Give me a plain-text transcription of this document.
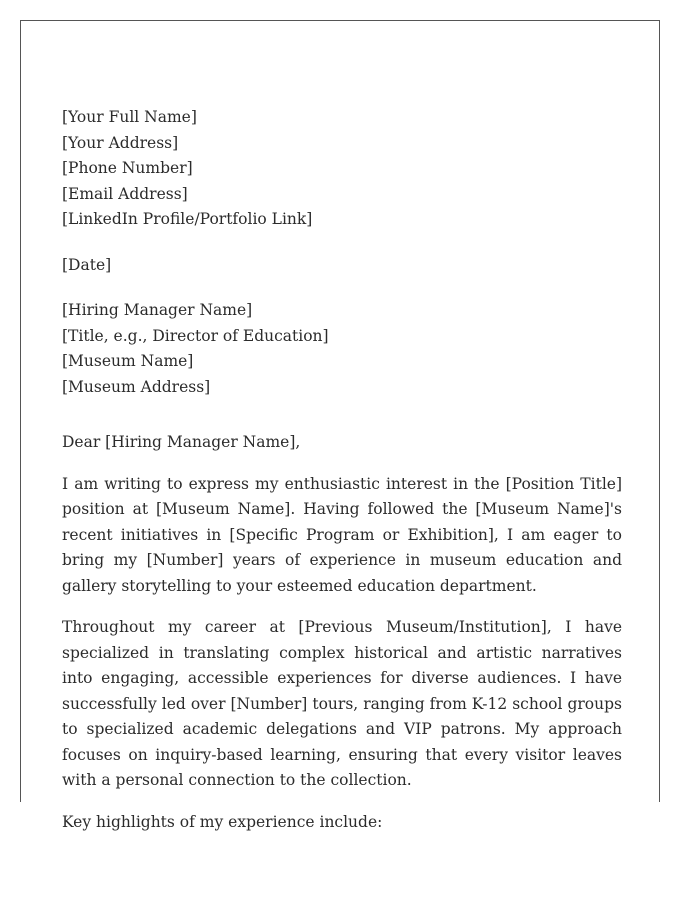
[Your Full Name]
[Your Address]
[Phone Number]
[Email Address]
[LinkedIn Profile/Portfolio Link]
[Date]
[Hiring Manager Name]
[Title, e.g., Director of Education]
[Museum Name]
[Museum Address]
Dear [Hiring Manager Name],

I am writing to express my enthusiastic interest in the [Position Title] position at [Museum Name]. Having followed the [Museum Name]'s recent initiatives in [Specific Program or Exhibition], I am eager to bring my [Number] years of experience in museum education and gallery storytelling to your esteemed education department.

Throughout my career at [Previous Museum/Institution], I have specialized in translating complex historical and artistic narratives into engaging, accessible experiences for diverse audiences. I have successfully led over [Number] tours, ranging from K-12 school groups to specialized academic delegations and VIP patrons. My approach focuses on inquiry-based learning, ensuring that every visitor leaves with a personal connection to the collection.

Key highlights of my experience include:
